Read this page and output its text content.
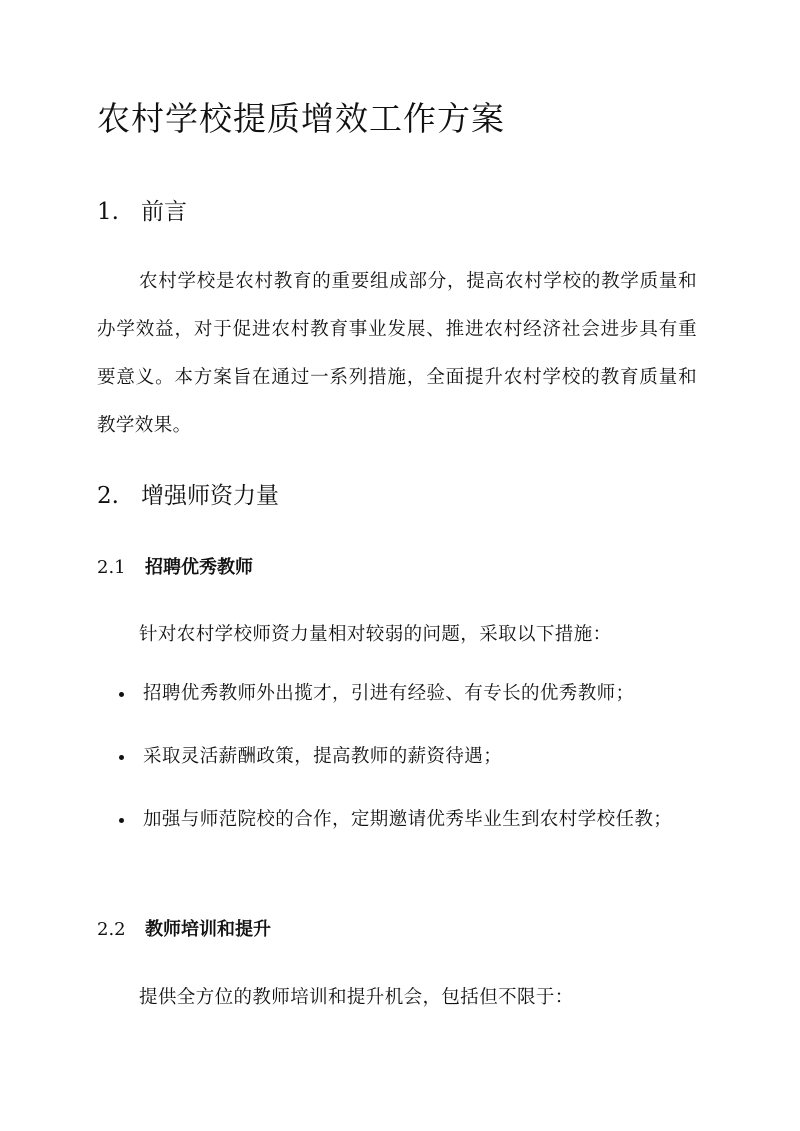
农村学校提质增效工作方案
1. 前言

农村学校是农村教育的重要组成部分，提高农村学校的教学质量和办学效益，对于促进农村教育事业发展、推进农村经济社会进步具有重要意义。本方案旨在通过一系列措施，全面提升农村学校的教育质量和教学效果。

2. 增强师资力量
2.1 招聘优秀教师

针对农村学校师资力量相对较弱的问题，采取以下措施：

招聘优秀教师外出揽才，引进有经验、有专长的优秀教师；
采取灵活薪酬政策，提高教师的薪资待遇；
加强与师范院校的合作，定期邀请优秀毕业生到农村学校任教；
2.2 教师培训和提升

提供全方位的教师培训和提升机会，包括但不限于：
